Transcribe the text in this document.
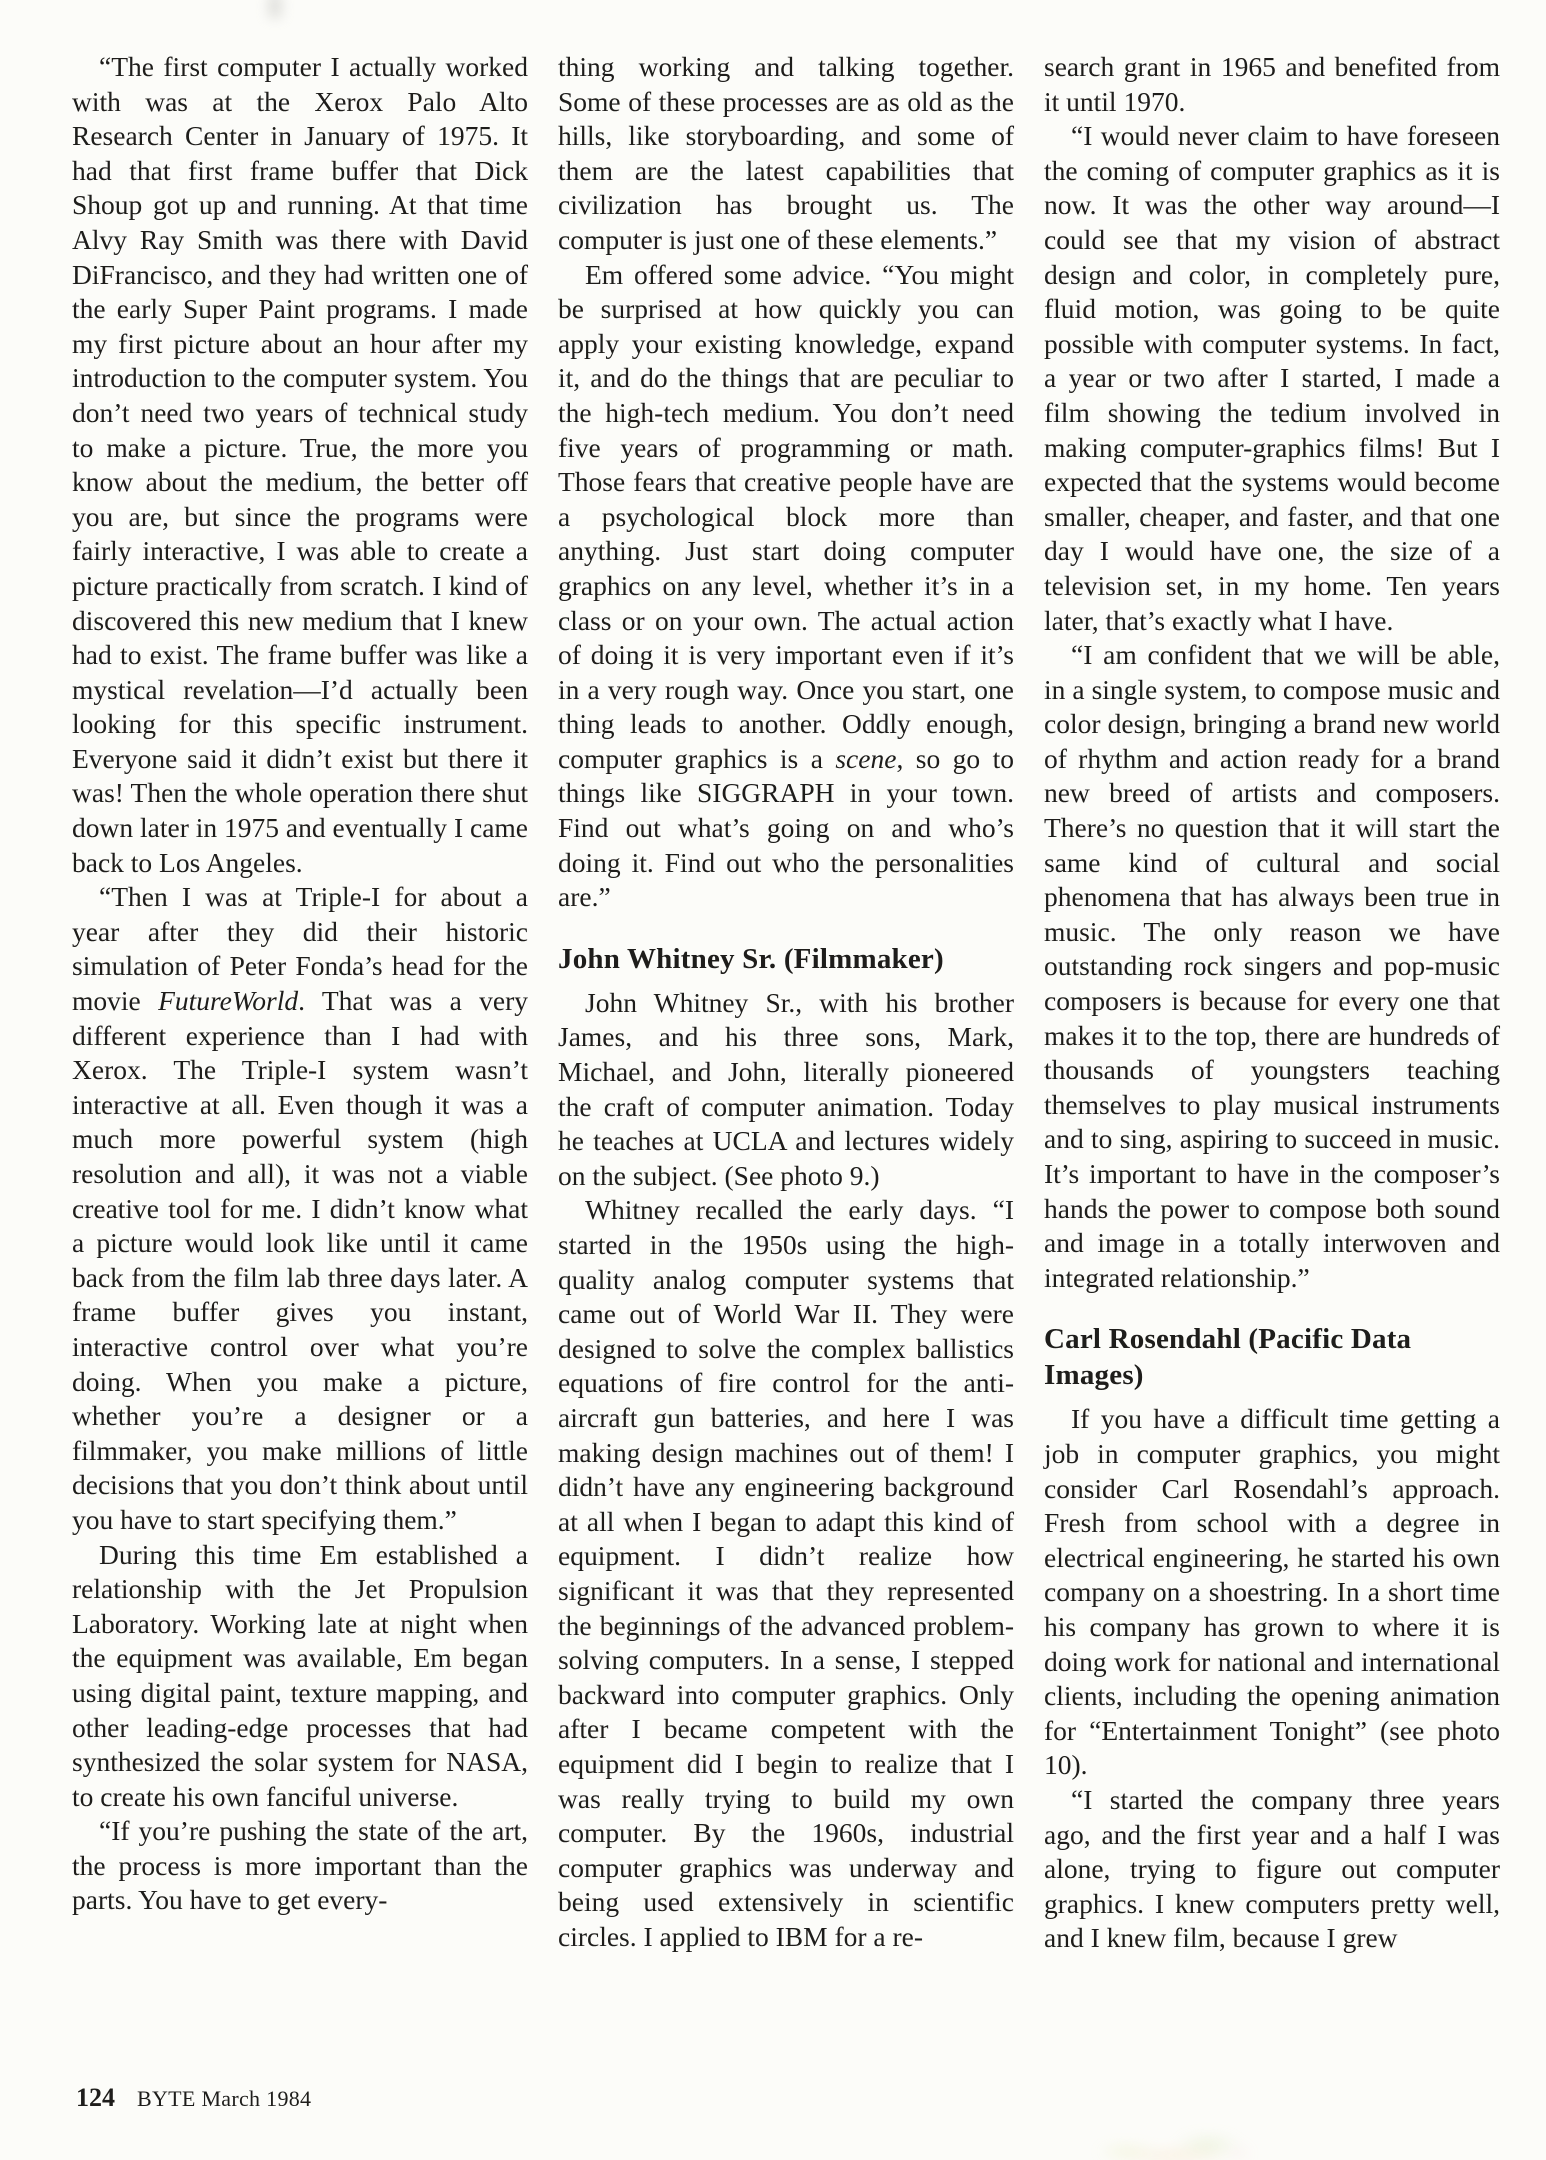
“The first computer I actually worked with was at the Xerox Palo Alto Research Center in January of 1975. It had that first frame buffer that Dick Shoup got up and running. At that time Alvy Ray Smith was there with David DiFrancisco, and they had written one of the early Super Paint programs. I made my first picture about an hour after my introduction to the computer system. You don’t need two years of technical study to make a picture. True, the more you know about the medium, the better off you are, but since the programs were fairly interactive, I was able to create a picture practically from scratch. I kind of discovered this new medium that I knew had to exist. The frame buffer was like a mystical revelation—I’d actually been looking for this specific instrument. Everyone said it didn’t exist but there it was! Then the whole operation there shut down later in 1975 and eventually I came back to Los Angeles.

“Then I was at Triple-I for about a year after they did their historic simulation of Peter Fonda’s head for the movie FutureWorld. That was a very different experience than I had with Xerox. The Triple-I system wasn’t interactive at all. Even though it was a much more powerful system (high resolution and all), it was not a viable creative tool for me. I didn’t know what a picture would look like until it came back from the film lab three days later. A frame buffer gives you instant, interactive control over what you’re doing. When you make a picture, whether you’re a designer or a filmmaker, you make millions of little decisions that you don’t think about until you have to start specifying them.”

During this time Em established a relationship with the Jet Propulsion Laboratory. Working late at night when the equipment was available, Em began using digital paint, texture mapping, and other leading-edge processes that had synthesized the solar system for NASA, to create his own fanciful universe.

“If you’re pushing the state of the art, the process is more important than the parts. You have to get every-

thing working and talking together. Some of these processes are as old as the hills, like storyboarding, and some of them are the latest capabilities that civilization has brought us. The computer is just one of these elements.”

Em offered some advice. “You might be surprised at how quickly you can apply your existing knowledge, expand it, and do the things that are peculiar to the high-tech medium. You don’t need five years of programming or math. Those fears that creative people have are a psychological block more than anything. Just start doing computer graphics on any level, whether it’s in a class or on your own. The actual action of doing it is very important even if it’s in a very rough way. Once you start, one thing leads to another. Oddly enough, computer graphics is a scene, so go to things like SIGGRAPH in your town. Find out what’s going on and who’s doing it. Find out who the personalities are.”

John Whitney Sr. (Filmmaker)

John Whitney Sr., with his brother James, and his three sons, Mark, Michael, and John, literally pioneered the craft of computer animation. Today he teaches at UCLA and lectures widely on the subject. (See photo 9.)

Whitney recalled the early days. “I started in the 1950s using the high-quality analog computer systems that came out of World War II. They were designed to solve the complex ballistics equations of fire control for the anti-aircraft gun batteries, and here I was making design machines out of them! I didn’t have any engineering background at all when I began to adapt this kind of equipment. I didn’t realize how significant it was that they represented the beginnings of the advanced problem-solving computers. In a sense, I stepped backward into computer graphics. Only after I became competent with the equipment did I begin to realize that I was really trying to build my own computer. By the 1960s, industrial computer graphics was underway and being used extensively in scientific circles. I applied to IBM for a re-

search grant in 1965 and benefited from it until 1970.

“I would never claim to have foreseen the coming of computer graphics as it is now. It was the other way around—I could see that my vision of abstract design and color, in completely pure, fluid motion, was going to be quite possible with computer systems. In fact, a year or two after I started, I made a film showing the tedium involved in making computer-graphics films! But I expected that the systems would become smaller, cheaper, and faster, and that one day I would have one, the size of a television set, in my home. Ten years later, that’s exactly what I have.

“I am confident that we will be able, in a single system, to compose music and color design, bringing a brand new world of rhythm and action ready for a brand new breed of artists and composers. There’s no question that it will start the same kind of cultural and social phenomena that has always been true in music. The only reason we have outstanding rock singers and pop-music composers is because for every one that makes it to the top, there are hundreds of thousands of youngsters teaching themselves to play musical instruments and to sing, aspiring to succeed in music. It’s important to have in the composer’s hands the power to compose both sound and image in a totally interwoven and integrated relationship.”

Carl Rosendahl (Pacific Data Images)

If you have a difficult time getting a job in computer graphics, you might consider Carl Rosendahl’s approach. Fresh from school with a degree in electrical engineering, he started his own company on a shoestring. In a short time his company has grown to where it is doing work for national and international clients, including the opening animation for “Entertainment Tonight” (see photo 10).

“I started the company three years ago, and the first year and a half I was alone, trying to figure out computer graphics. I knew computers pretty well, and I knew film, because I grew

124 BYTE March 1984
